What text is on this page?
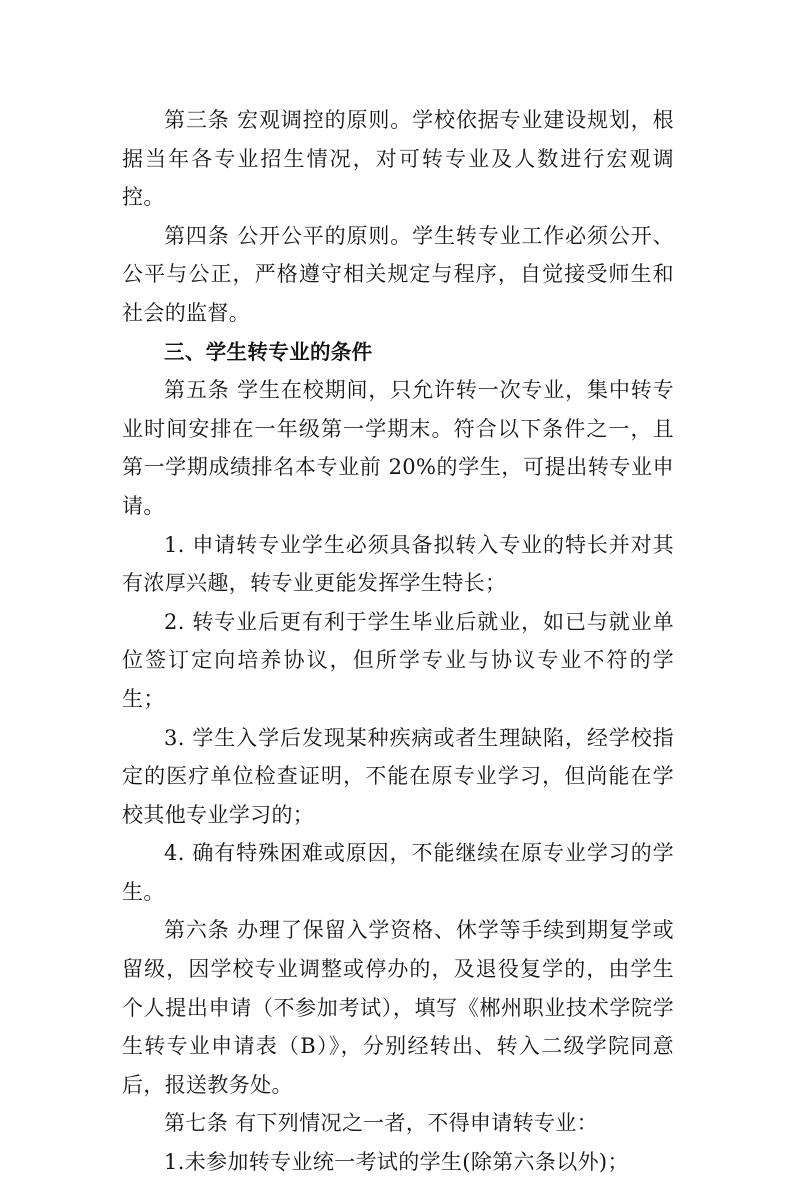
第三条 宏观调控的原则。学校依据专业建设规划，根据当年各专业招生情况，对可转专业及人数进行宏观调控。

第四条 公开公平的原则。学生转专业工作必须公开、公平与公正，严格遵守相关规定与程序，自觉接受师生和社会的监督。

三、学生转专业的条件

第五条 学生在校期间，只允许转一次专业，集中转专业时间安排在一年级第一学期末。符合以下条件之一，且第一学期成绩排名本专业前 20%的学生，可提出转专业申请。

1. 申请转专业学生必须具备拟转入专业的特长并对其有浓厚兴趣，转专业更能发挥学生特长；

2. 转专业后更有利于学生毕业后就业，如已与就业单位签订定向培养协议，但所学专业与协议专业不符的学生；

3. 学生入学后发现某种疾病或者生理缺陷，经学校指定的医疗单位检查证明，不能在原专业学习，但尚能在学校其他专业学习的；

4. 确有特殊困难或原因，不能继续在原专业学习的学生。

第六条 办理了保留入学资格、休学等手续到期复学或留级，因学校专业调整或停办的，及退役复学的，由学生个人提出申请（不参加考试），填写《郴州职业技术学院学生转专业申请表（B）》，分别经转出、转入二级学院同意后，报送教务处。

第七条 有下列情况之一者，不得申请转专业：

1.未参加转专业统一考试的学生(除第六条以外)；
